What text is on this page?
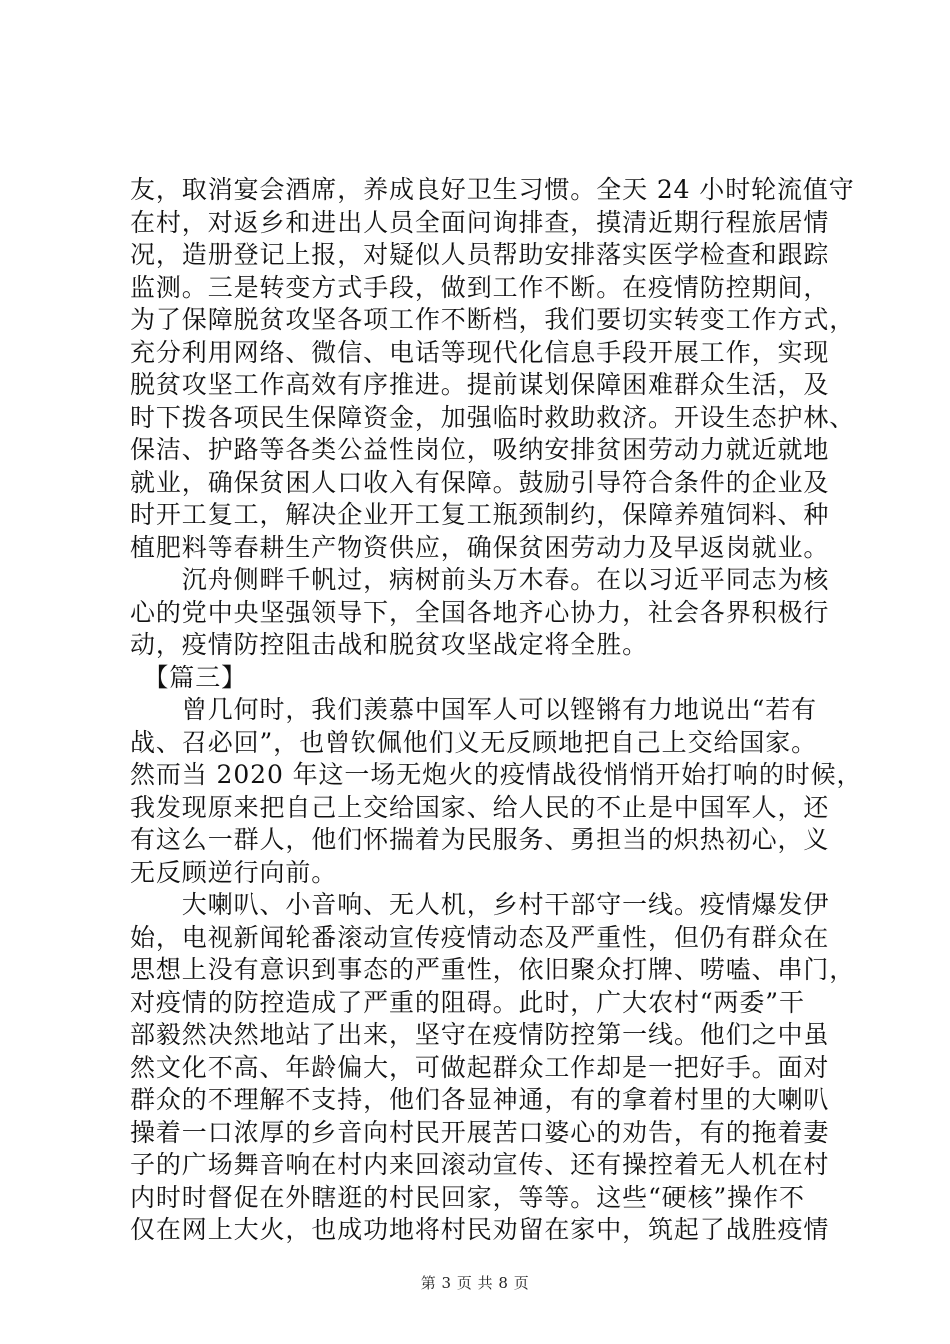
友，取消宴会酒席，养成良好卫生习惯。全天 24 小时轮流值守
在村，对返乡和进出人员全面问询排查，摸清近期行程旅居情
况，造册登记上报，对疑似人员帮助安排落实医学检查和跟踪
监测。三是转变方式手段，做到工作不断。在疫情防控期间，
为了保障脱贫攻坚各项工作不断档，我们要切实转变工作方式，
充分利用网络、微信、电话等现代化信息手段开展工作，实现
脱贫攻坚工作高效有序推进。提前谋划保障困难群众生活，及
时下拨各项民生保障资金，加强临时救助救济。开设生态护林、
保洁、护路等各类公益性岗位，吸纳安排贫困劳动力就近就地
就业，确保贫困人口收入有保障。鼓励引导符合条件的企业及
时开工复工，解决企业开工复工瓶颈制约，保障养殖饲料、种
植肥料等春耕生产物资供应，确保贫困劳动力及早返岗就业。
　　沉舟侧畔千帆过，病树前头万木春。在以习近平同志为核
心的党中央坚强领导下，全国各地齐心协力，社会各界积极行
动，疫情防控阻击战和脱贫攻坚战定将全胜。
　【篇三】
　　曾几何时，我们羡慕中国军人可以铿锵有力地说出“若有
战、召必回”，也曾钦佩他们义无反顾地把自己上交给国家。
然而当 2020 年这一场无炮火的疫情战役悄悄开始打响的时候，
我发现原来把自己上交给国家、给人民的不止是中国军人，还
有这么一群人，他们怀揣着为民服务、勇担当的炽热初心，义
无反顾逆行向前。
　　大喇叭、小音响、无人机，乡村干部守一线。疫情爆发伊
始，电视新闻轮番滚动宣传疫情动态及严重性，但仍有群众在
思想上没有意识到事态的严重性，依旧聚众打牌、唠嗑、串门，
对疫情的防控造成了严重的阻碍。此时，广大农村“两委”干
部毅然决然地站了出来，坚守在疫情防控第一线。他们之中虽
然文化不高、年龄偏大，可做起群众工作却是一把好手。面对
群众的不理解不支持，他们各显神通，有的拿着村里的大喇叭
操着一口浓厚的乡音向村民开展苦口婆心的劝告，有的拖着妻
子的广场舞音响在村内来回滚动宣传、还有操控着无人机在村
内时时督促在外瞎逛的村民回家，等等。这些“硬核”操作不
仅在网上大火，也成功地将村民劝留在家中，筑起了战胜疫情
第 3 页 共 8 页
